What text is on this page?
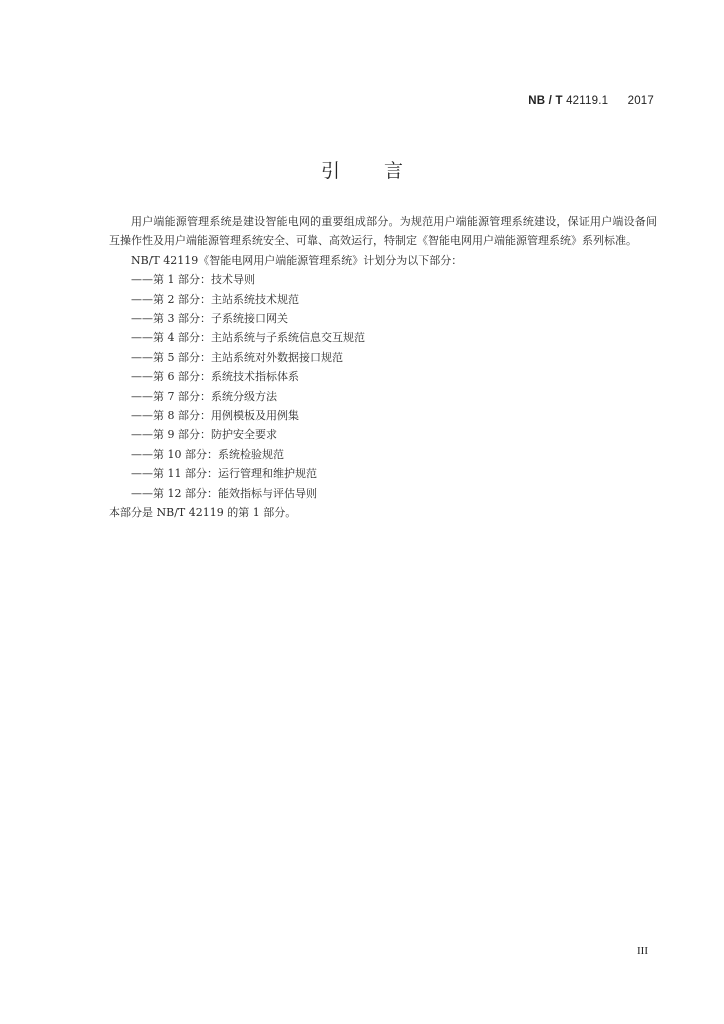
NB / T 42119.1 2017
引言

用户端能源管理系统是建设智能电网的重要组成部分。为规范用户端能源管理系统建设，保证用户端设备间互操作性及用户端能源管理系统安全、可靠、高效运行，特制定《智能电网用户端能源管理系统》系列标准。

NB/T 42119《智能电网用户端能源管理系统》计划分为以下部分：

——第 1 部分：技术导则
——第 2 部分：主站系统技术规范
——第 3 部分：子系统接口网关
——第 4 部分：主站系统与子系统信息交互规范
——第 5 部分：主站系统对外数据接口规范
——第 6 部分：系统技术指标体系
——第 7 部分：系统分级方法
——第 8 部分：用例模板及用例集
——第 9 部分：防护安全要求
——第 10 部分：系统检验规范
——第 11 部分：运行管理和维护规范
——第 12 部分：能效指标与评估导则

本部分是 NB/T 42119 的第 1 部分。

III
